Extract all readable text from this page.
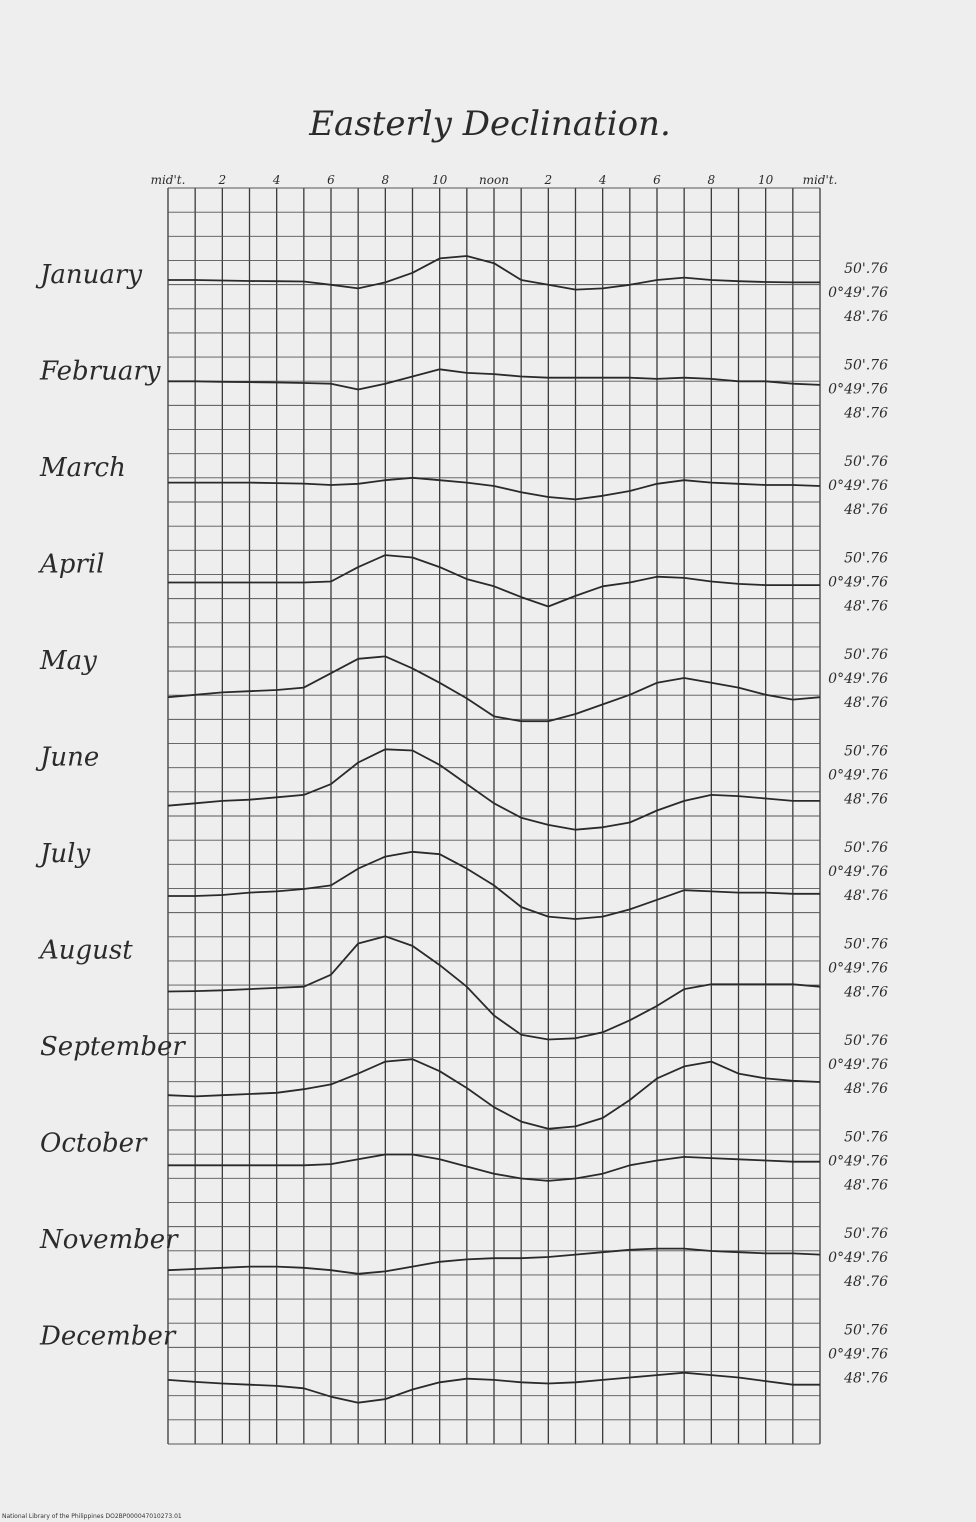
Easterly Declination.
mid't.	2	4	6	8	10	noon	2	4	6	8	10 mid't.
January
February
March
April
May
June
July
August
September
October
November
December
50'.76
0°49'.76
48'.76
50'.76
0°49'.76
48'.76
50'.76
0°49'.76
48'.76
50'.76
0°49'.76
48'.76
50'.76
0°49'.76
48'.76
50'.76
0°49'.76
48'.76
50'.76
0°49'.76
48'.76
50'.76
0°49'.76
48'.76
50'.76
0°49'.76
48'.76
50'.76
0°49'.76
48'.76
50'.76
0°49'.76
48'.76
50'.76
0°49'.76
48'.76
National Library of the Philippines DO2BP000047010273.01
